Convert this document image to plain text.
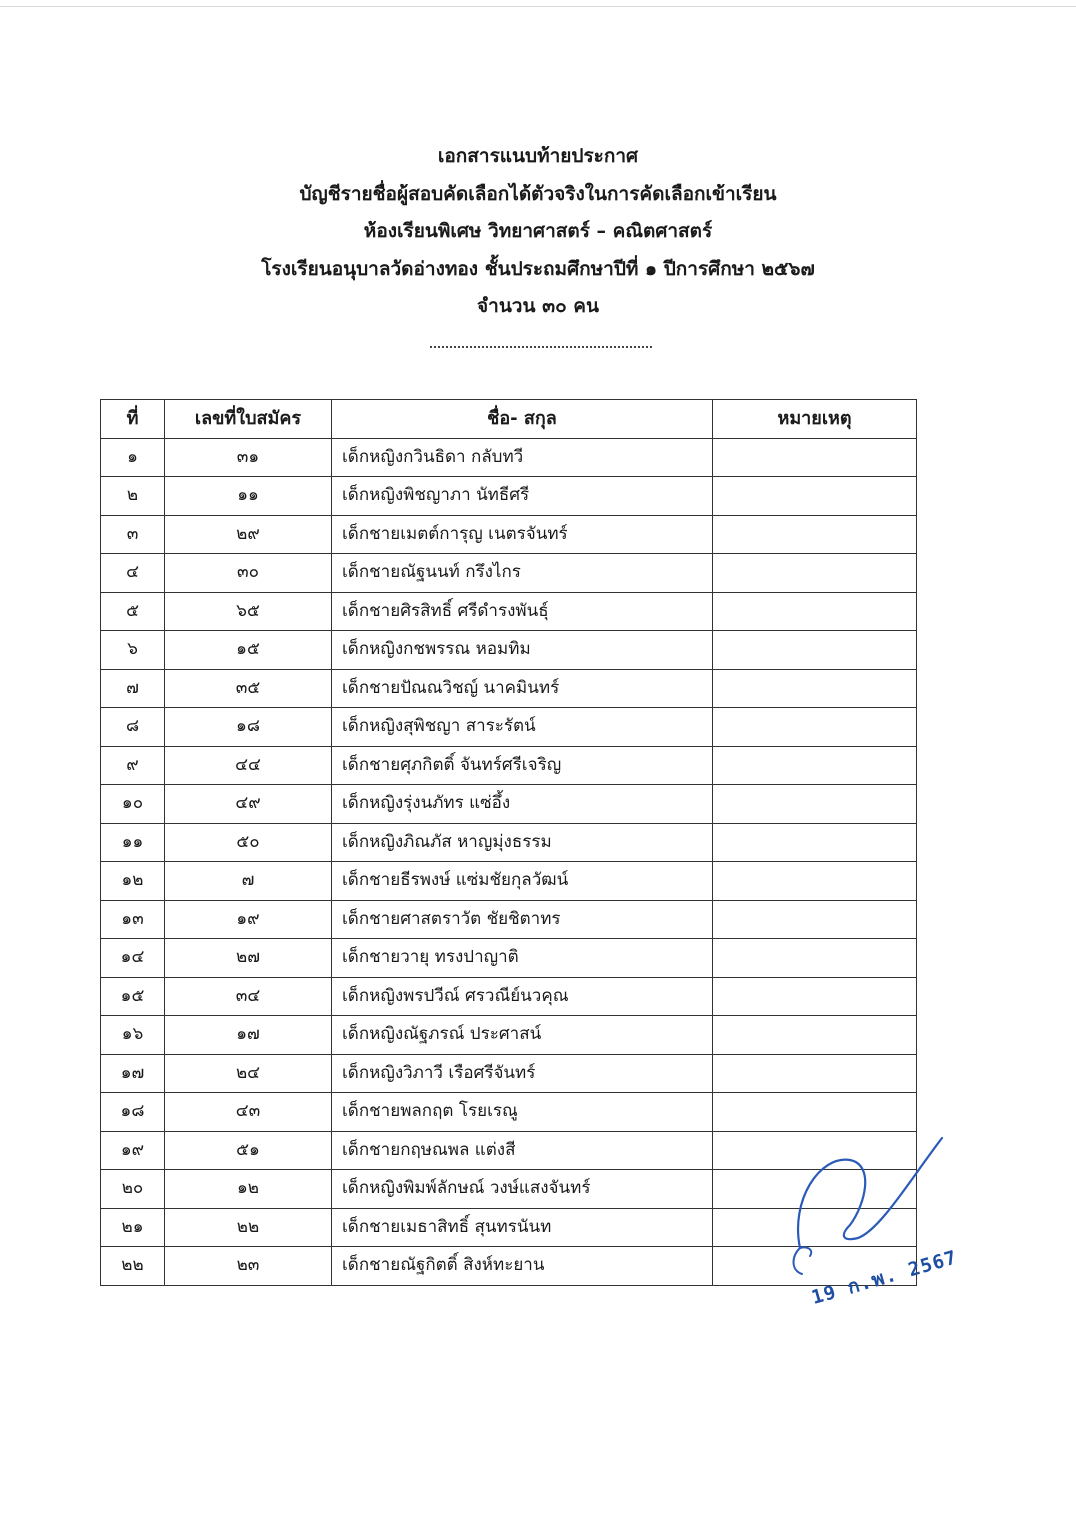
เอกสารแนบท้ายประกาศ
บัญชีรายชื่อผู้สอบคัดเลือกได้ตัวจริงในการคัดเลือกเข้าเรียน
ห้องเรียนพิเศษ วิทยาศาสตร์ – คณิตศาสตร์
โรงเรียนอนุบาลวัดอ่างทอง ชั้นประถมศึกษาปีที่ ๑ ปีการศึกษา ๒๕๖๗
จำนวน ๓๐ คน
ที่	เลขที่ใบสมัคร	ชื่อ- สกุล	หมายเหตุ
๑	๓๑	เด็กหญิงกวินธิดา กลับทวี	
๒	๑๑	เด็กหญิงพิชญาภา นัทธีศรี	
๓	๒๙	เด็กชายเมตต์การุญ เนตรจันทร์	
๔	๓๐	เด็กชายณัฐนนท์ กรึงไกร	
๕	๖๕	เด็กชายศิรสิทธิ์ ศรีดำรงพันธุ์	
๖	๑๕	เด็กหญิงกชพรรณ หอมทิม	
๗	๓๕	เด็กชายปัณณวิชญ์ นาคมินทร์	
๘	๑๘	เด็กหญิงสุพิชญา สาระรัตน์	
๙	๔๔	เด็กชายศุภกิตติ์ จันทร์ศรีเจริญ	
๑๐	๔๙	เด็กหญิงรุ่งนภัทร แซ่อึ้ง	
๑๑	๕๐	เด็กหญิงภิณภัส หาญมุ่งธรรม	
๑๒	๗	เด็กชายธีรพงษ์ แซ่มชัยกุลวัฒน์	
๑๓	๑๙	เด็กชายศาสตราวัต ชัยชิตาทร	
๑๔	๒๗	เด็กชายวายุ ทรงปาญาติ	
๑๕	๓๔	เด็กหญิงพรปวีณ์ ศรวณีย์นวคุณ	
๑๖	๑๗	เด็กหญิงณัฐภรณ์ ประศาสน์	
๑๗	๒๔	เด็กหญิงวิภาวี เรือศรีจันทร์	
๑๘	๔๓	เด็กชายพลกฤต โรยเรณู	
๑๙	๕๑	เด็กชายกฤษณพล แต่งสี	
๒๐	๑๒	เด็กหญิงพิมพ์ลักษณ์ วงษ์แสงจันทร์	
๒๑	๒๒	เด็กชายเมธาสิทธิ์ สุนทรนันท	
๒๒	๒๓	เด็กชายณัฐกิตติ์ สิงห์ทะยาน		19 ก.พ. 2567
